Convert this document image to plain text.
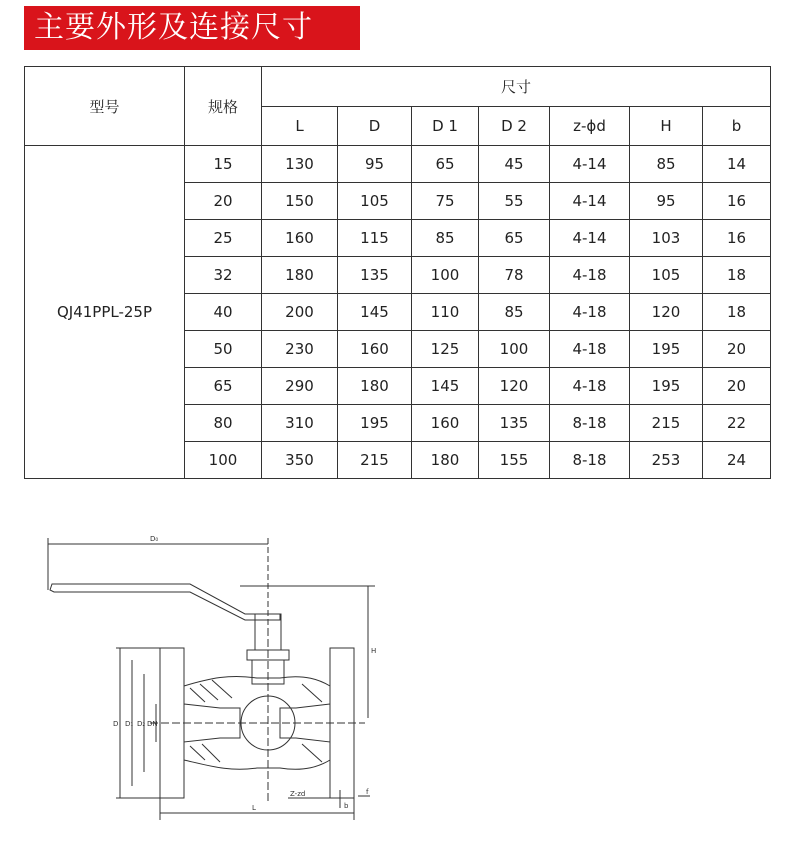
主要外形及连接尺寸
型号	规格	尺寸						
		L	D	D 1	D 2	z-ϕd	H	b
QJ41PPL-25P	15	130	95	65	45	4-14	85	14
	20	150	105	75	55	4-14	95	16
	25	160	115	85	65	4-14	103	16
	32	180	135	100	78	4-18	105	18
	40	200	145	110	85	4-18	120	18
	50	230	160	125	100	4-18	195	20
	65	290	180	145	120	4-18	195	20
	80	310	195	160	135	8-18	215	22
	100	350	215	180	155	8-18	253	24
D₀
H
D D₁ D₂ DN
Z-zd
b
f
L
